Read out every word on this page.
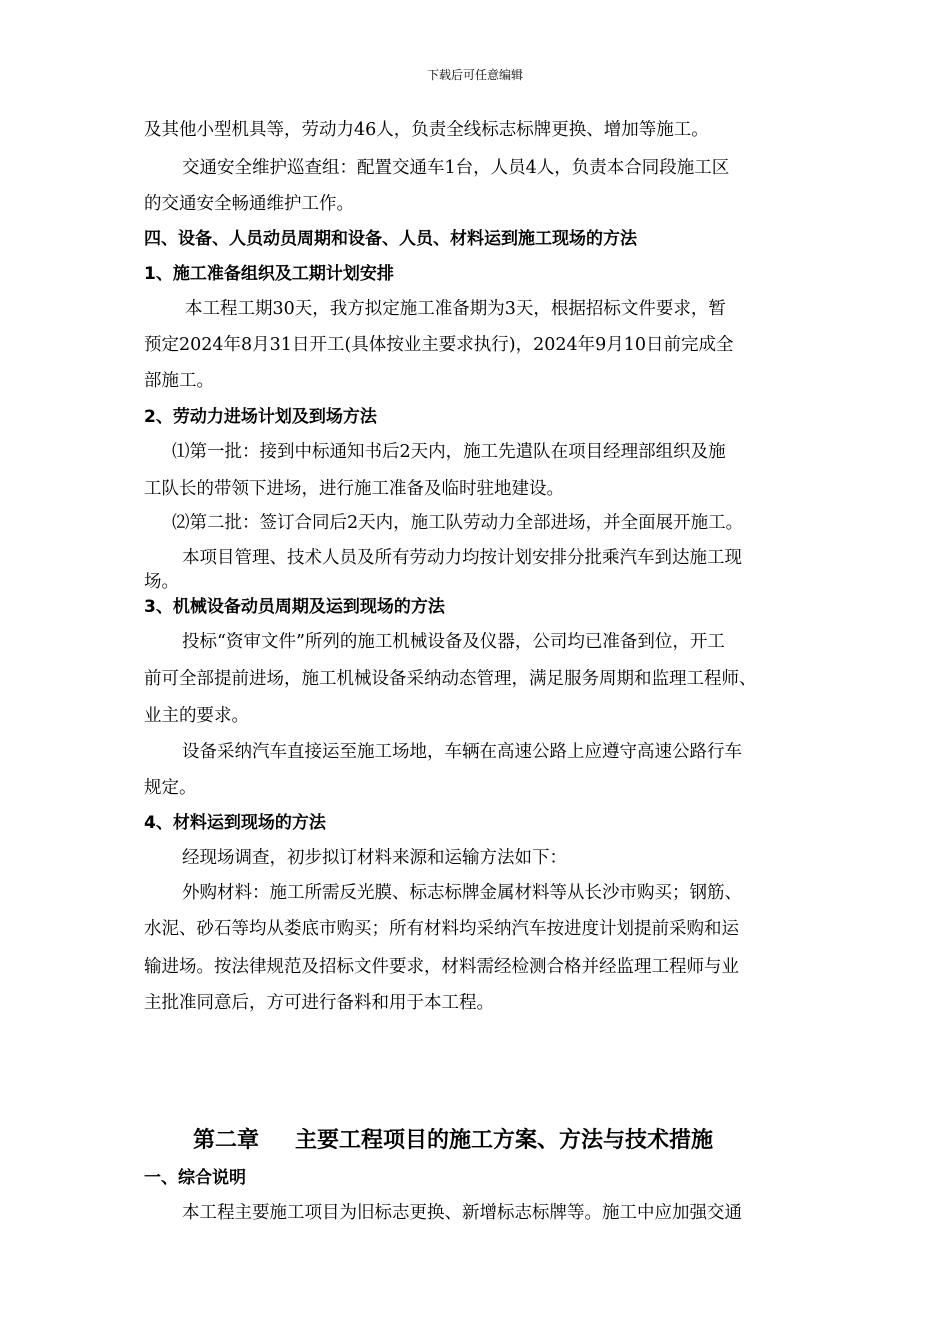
下载后可任意编辑
及其他小型机具等，劳动力46人，负责全线标志标牌更换、增加等施工。
交通安全维护巡查组：配置交通车1台，人员4人，负责本合同段施工区
的交通安全畅通维护工作。
四、设备、人员动员周期和设备、人员、材料运到施工现场的方法
1、施工准备组织及工期计划安排
本工程工期30天，我方拟定施工准备期为3天，根据招标文件要求，暂
预定2024年8月31日开工(具体按业主要求执行)，2024年9月10日前完成全
部施工。
2、劳动力进场计划及到场方法
⑴第一批：接到中标通知书后2天内，施工先遣队在项目经理部组织及施
工队长的带领下进场，进行施工准备及临时驻地建设。
⑵第二批：签订合同后2天内，施工队劳动力全部进场，并全面展开施工。
本项目管理、技术人员及所有劳动力均按计划安排分批乘汽车到达施工现
场。
3、机械设备动员周期及运到现场的方法
投标“资审文件”所列的施工机械设备及仪器，公司均已准备到位，开工
前可全部提前进场，施工机械设备采纳动态管理，满足服务周期和监理工程师、
业主的要求。
设备采纳汽车直接运至施工场地，车辆在高速公路上应遵守高速公路行车
规定。
4、材料运到现场的方法
经现场调查，初步拟订材料来源和运输方法如下：
外购材料：施工所需反光膜、标志标牌金属材料等从长沙市购买；钢筋、
水泥、砂石等均从娄底市购买；所有材料均采纳汽车按进度计划提前采购和运
输进场。按法律规范及招标文件要求，材料需经检测合格并经监理工程师与业
主批准同意后，方可进行备料和用于本工程。
第二章 主要工程项目的施工方案、方法与技术措施
一、综合说明
本工程主要施工项目为旧标志更换、新增标志标牌等。施工中应加强交通
